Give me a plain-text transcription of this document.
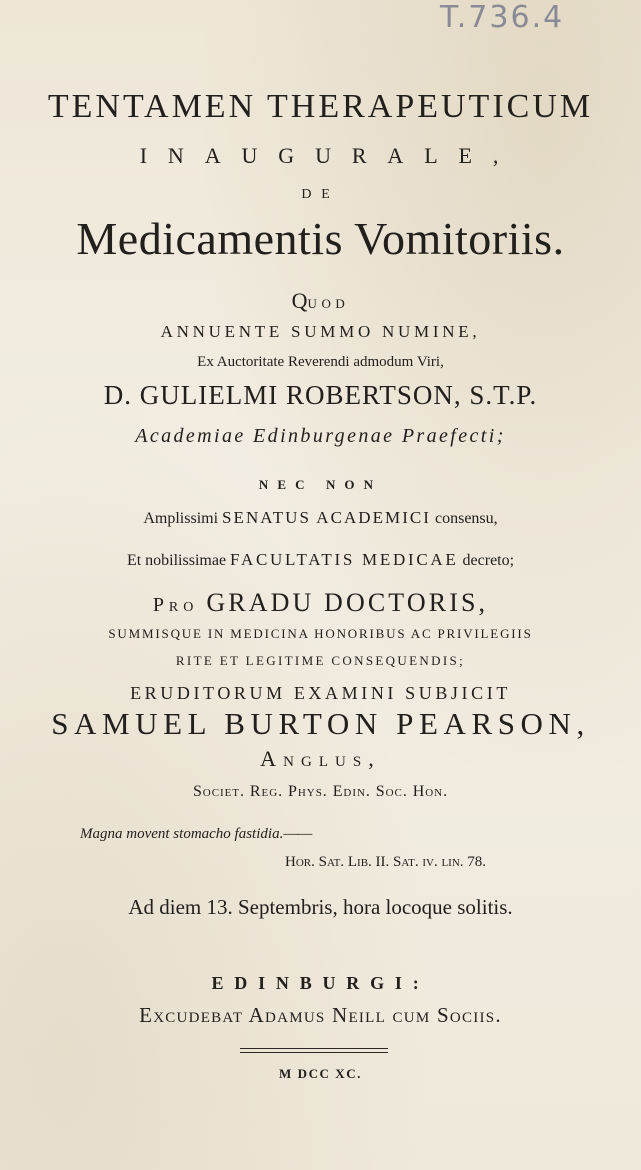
T.736.4
TENTAMEN THERAPEUTICUM
INAUGURALE,
DE
Medicamentis Vomitoriis.
QUOD
ANNUENTE SUMMO NUMINE,
Ex Auctoritate Reverendi admodum Viri,
D. GULIELMI ROBERTSON, S.T.P.
Academiae Edinburgenae Praefecti;
NEC NON
Amplissimi SENATUS ACADEMICI consensu,
Et nobilissimae FACULTATIS MEDICAE decreto;
Pro GRADU DOCTORIS,
SUMMISQUE IN MEDICINA HONORIBUS AC PRIVILEGIIS
RITE ET LEGITIME CONSEQUENDIS;
ERUDITORUM EXAMINI SUBJICIT
SAMUEL BURTON PEARSON,
Anglus,
Societ. Reg. Phys. Edin. Soc. Hon.
Magna movent stomacho fastidia.——
Hor. Sat. Lib. II. Sat. iv. lin. 78.
Ad diem 13. Septembris, hora locoque solitis.
EDINBURGI:
Excudebat Adamus Neill cum Sociis.
M DCC XC.
